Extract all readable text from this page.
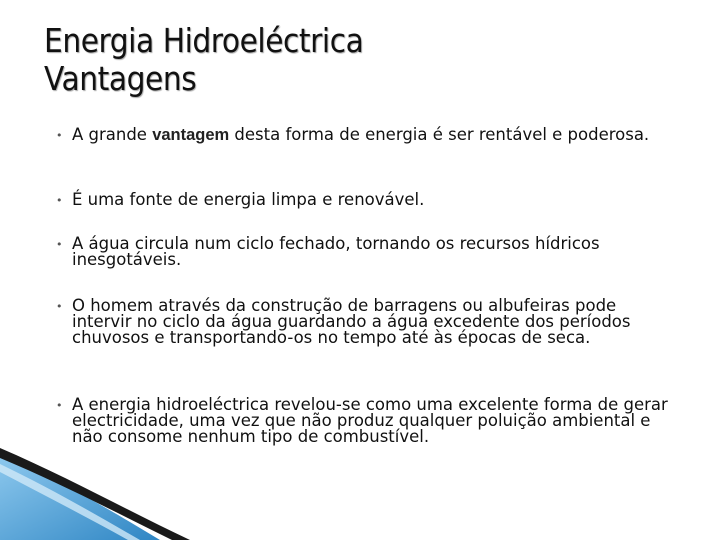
Energia Hidroeléctrica
Vantagens
• A grande vantagem desta forma de energia é ser rentável e poderosa.
• É uma fonte de energia limpa e renovável.
• A água circula num ciclo fechado, tornando os recursos hídricos inesgotáveis.
• O homem através da construção de barragens ou albufeiras pode intervir no ciclo da água guardando a água excedente dos períodos chuvosos e transportando-os no tempo até às épocas de seca.
• A energia hidroeléctrica revelou-se como uma excelente forma de gerar electricidade, uma vez que não produz qualquer poluição ambiental e não consome nenhum tipo de combustível.
